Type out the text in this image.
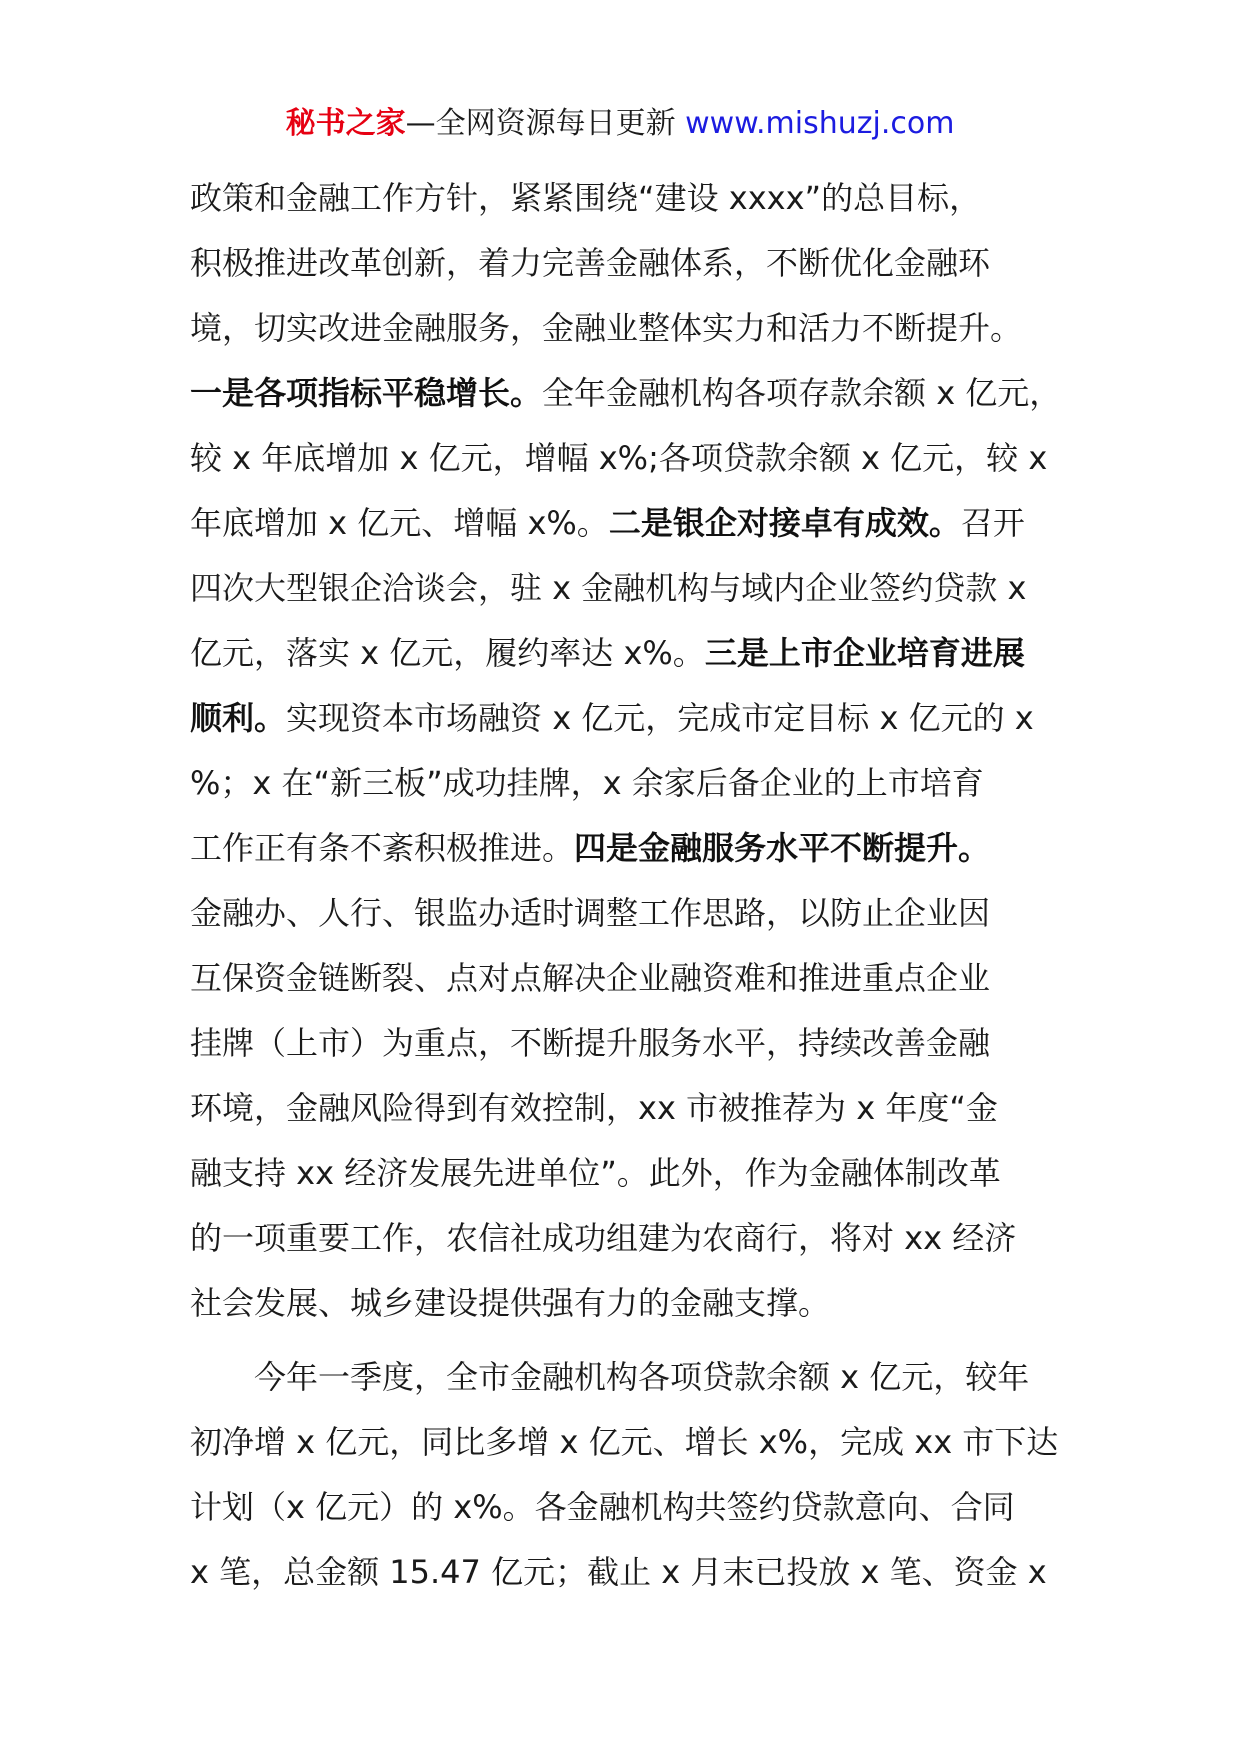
秘书之家—全网资源每日更新 www.mishuzj.com
政策和金融工作方针，紧紧围绕“建设 xxxx”的总目标，
积极推进改革创新，着力完善金融体系，不断优化金融环
境，切实改进金融服务，金融业整体实力和活力不断提升。
一是各项指标平稳增长。全年金融机构各项存款余额 x 亿元，
较 x 年底增加 x 亿元，增幅 x%;各项贷款余额 x 亿元，较 x
年底增加 x 亿元、增幅 x%。二是银企对接卓有成效。召开
四次大型银企洽谈会，驻 x 金融机构与域内企业签约贷款 x
亿元，落实 x 亿元，履约率达 x%。三是上市企业培育进展
顺利。实现资本市场融资 x 亿元，完成市定目标 x 亿元的 x
%；x 在“新三板”成功挂牌，x 余家后备企业的上市培育
工作正有条不紊积极推进。四是金融服务水平不断提升。
金融办、人行、银监办适时调整工作思路，以防止企业因
互保资金链断裂、点对点解决企业融资难和推进重点企业
挂牌（上市）为重点，不断提升服务水平，持续改善金融
环境，金融风险得到有效控制，xx 市被推荐为 x 年度“金
融支持 xx 经济发展先进单位”。此外，作为金融体制改革
的一项重要工作，农信社成功组建为农商行，将对 xx 经济
社会发展、城乡建设提供强有力的金融支撑。
今年一季度，全市金融机构各项贷款余额 x 亿元，较年
初净增 x 亿元，同比多增 x 亿元、增长 x%，完成 xx 市下达
计划（x 亿元）的 x%。各金融机构共签约贷款意向、合同
x 笔，总金额 15.47 亿元；截止 x 月末已投放 x 笔、资金 x
